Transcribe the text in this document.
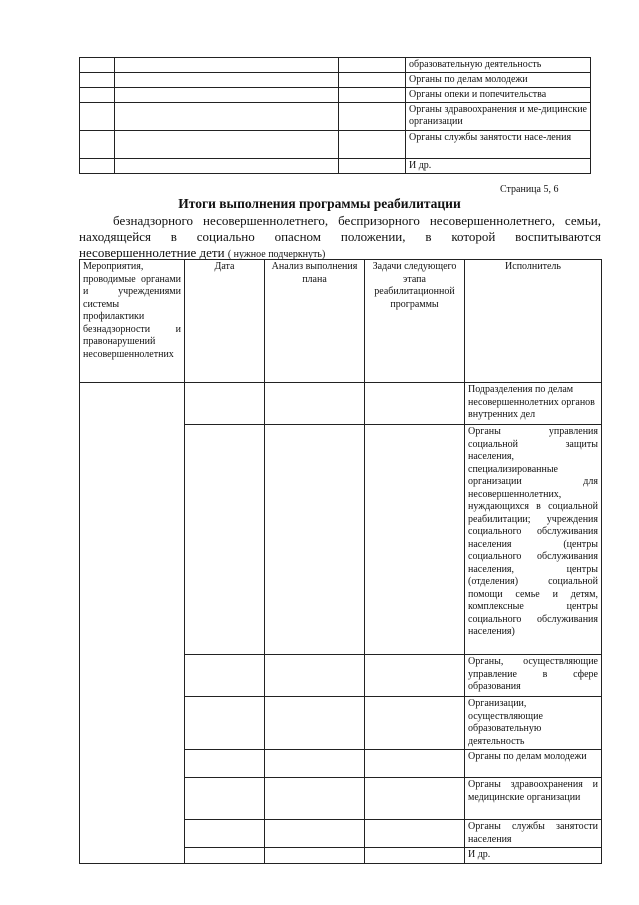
			образовательную деятельность
			Органы по делам молодежи
			Органы опеки и попечительства
			Органы здравоохранения и ме-дицинские организации
			Органы службы занятости насе-ления
			И др.
Страница 5, 6
Итоги выполнения программы реабилитации
безнадзорного несовершеннолетнего, беспризорного несовершеннолетнего, семьи, находящейся в социально опасном положении, в которой воспитываются несовершеннолетние дети ( нужное подчеркнуть)
Мероприятия, проводимые органами и учреждениями системы профилактики безнадзорности и правонарушений несовершеннолетних	Дата	Анализ выполнения плана	Задачи следующего этапа реабилитационной программы	Исполнитель
				Подразделения по делам несовершеннолетних органов внутренних дел
				Органы управления социальной защиты населения, специализированные организации для несовершеннолетних, нуждающихся в социальной реабилитации; учреждения социального обслуживания населения (центры социального обслуживания населения, центры (отделения) социальной помощи семье и детям, комплексные центры социального обслуживания населения)
				Органы, осуществляющие управление в сфере образования
				Организации, осуществляющие образовательную деятельность
				Органы по делам молодежи
				Органы здравоохранения и медицинские организации
				Органы службы занятости населения
				И др.
